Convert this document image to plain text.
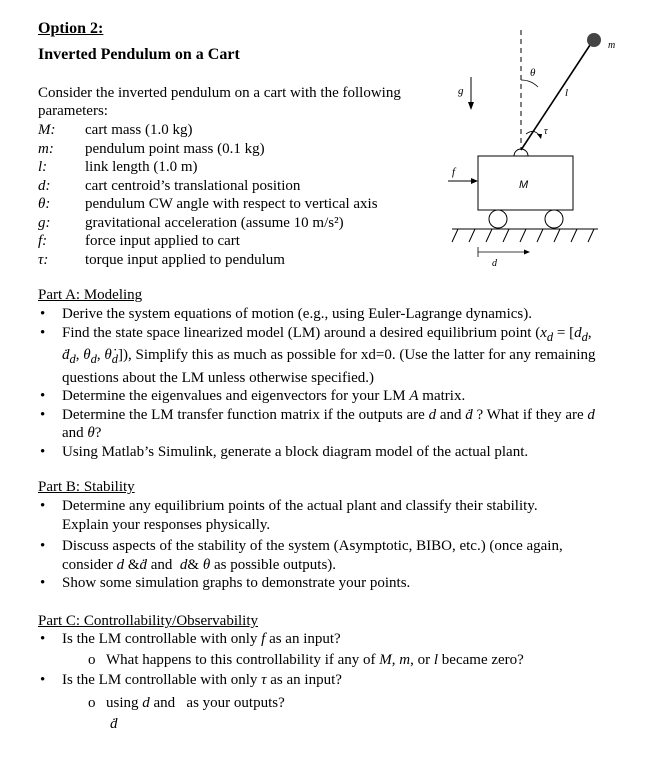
Option 2:
Inverted Pendulum on a Cart
Consider the inverted pendulum on a cart with the following parameters:
M:	cart mass (1.0 kg)
m:	pendulum point mass (0.1 kg)
l:	link length (1.0 m)
d:	cart centroid’s translational position
θ:	pendulum CW angle with respect to vertical axis
g:	gravitational acceleration (assume 10 m/s²)
f:	force input applied to cart
τ:	torque input applied to pendulum
m
θ
l
g
τ
M
f
d
Part A: Modeling
• Derive the system equations of motion (e.g., using Euler-Lagrange dynamics).
• Find the state space linearized model (LM) around a desired equilibrium point ($x_d = [d_d$, ḋ$_d$, $\theta_d$, $\thetȧ_d$]), Simplify this as much as possible for xd=0. (Use the latter for any remaining questions about the LM unless otherwise specified.)
• Determine the eigenvalues and eigenvectors for your LM A matrix.
• Determine the LM transfer function matrix if the outputs are d and ḋ ? What if they are d and θ?
• Using Matlab’s Simulink, generate a block diagram model of the actual plant.
Part B: Stability
• Determine any equilibrium points of the actual plant and classify their stability. Explain your responses physically.
• Discuss aspects of the stability of the system (Asymptotic, BIBO, etc.) (once again, consider d &ḋ and  d& θ as possible outputs).
• Show some simulation graphs to demonstrate your points.
Part C: Controllability/Observability
• Is the LM controllable with only f as an input?
o What happens to this controllability if any of M, m, or l became zero?
• Is the LM controllable with only τ as an input?
o using d and   as your outputs?
ḋ
